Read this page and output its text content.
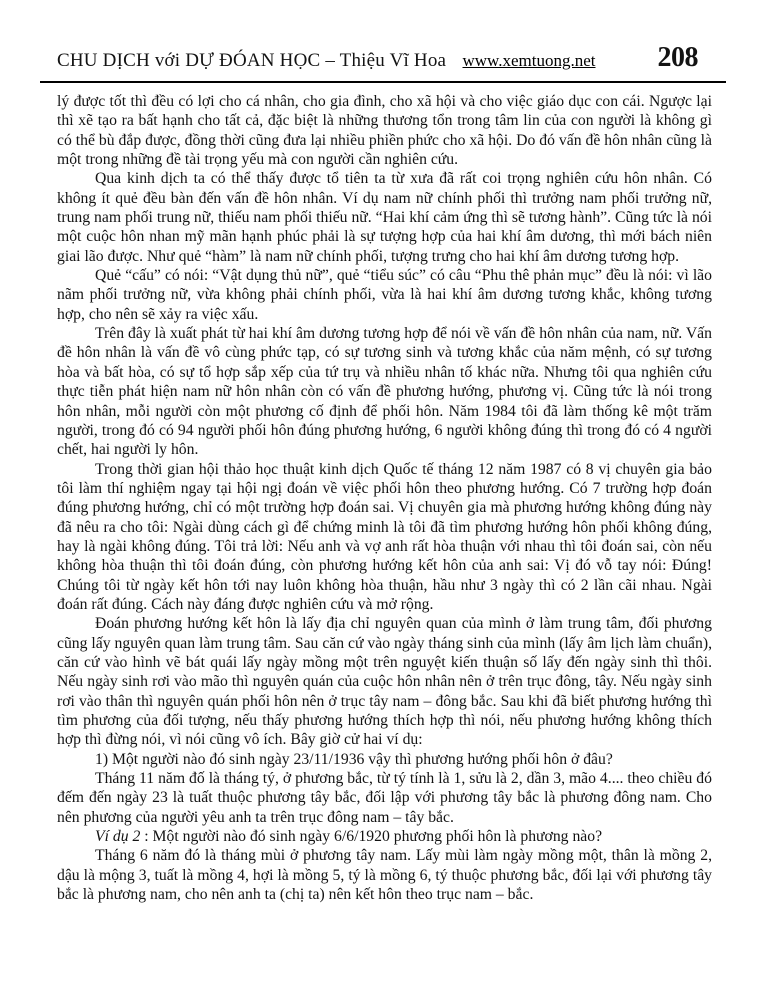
CHU DỊCH với DỰ ĐÓAN HỌC – Thiệu Vĩ Hoa www.xemtuong.net 208

lý được tốt thì đều có lợi cho cá nhân, cho gia đình, cho xã hội và cho việc giáo dục con cái. Ngược lại thì xẽ tạo ra bất hạnh cho tất cả, đặc biệt là những thương tổn trong tâm lin của con người là không gì có thể bù đắp được, đồng thời cũng đưa lại nhiều phiền phức cho xã hội. Do đó vấn đề hôn nhân cũng là một trong những đề tài trọng yếu mà con người cần nghiên cứu.

Qua kinh dịch ta có thể thấy được tổ tiên ta từ xưa đã rất coi trọng nghiên cứu hôn nhân. Có không ít quẻ đều bàn đến vấn đề hôn nhân. Ví dụ nam nữ chính phối thì trưởng nam phối trưởng nữ, trung nam phối trung nữ, thiếu nam phối thiếu nữ. “Hai khí cảm ứng thì sẽ tương hành”. Cũng tức là nói một cuộc hôn nhan mỹ mãn hạnh phúc phải là sự tượng hợp của hai khí âm dương, thì mới bách niên giai lão được. Như quẻ “hàm” là nam nữ chính phối, tượng trưng cho hai khí âm dương tương hợp.

Quẻ “cấu” có nói: “Vật dụng thủ nữ”, quẻ “tiểu súc” có câu “Phu thê phản mục” đều là nói: vì lão nãm phối trưởng nữ, vừa không phải chính phối, vừa là hai khí âm dương tương khắc, không tương hợp, cho nên sẽ xảy ra việc xấu.

Trên đây là xuất phát từ hai khí âm dương tương hợp để nói về vấn đề hôn nhân của nam, nữ. Vấn đề hôn nhân là vấn đề vô cùng phức tạp, có sự tương sinh và tương khắc của năm mệnh, có sự tương hòa và bất hòa, có sự tổ hợp sắp xếp của tứ trụ và nhiều nhân tố khác nữa. Nhưng tôi qua nghiên cứu thực tiễn phát hiện nam nữ hôn nhân còn có vấn đề phương hướng, phương vị. Cũng tức là nói trong hôn nhân, mỗi người còn một phương cố định để phối hôn. Năm 1984 tôi đã làm thống kê một trăm người, trong đó có 94 người phối hôn đúng phương hướng, 6 người không đúng thì trong đó có 4 người chết, hai người ly hôn.

Trong thời gian hội thảo học thuật kinh dịch Quốc tế tháng 12 năm 1987 có 8 vị chuyên gia bảo tôi làm thí nghiệm ngay tại hội ngị đoán về việc phối hôn theo phương hướng. Có 7 trường hợp đoán đúng phương hướng, chỉ có một trường hợp đoán sai. Vị chuyên gia mà phương hướng không đúng này đã nêu ra cho tôi: Ngài dùng cách gì để chứng minh là tôi đã tìm phương hướng hôn phối không đúng, hay là ngài không đúng. Tôi trả lời: Nếu anh và vợ anh rất hòa thuận với nhau thì tôi đoán sai, còn nếu không hòa thuận thì tôi đoán đúng, còn phương hướng kết hôn của anh sai: Vị đó vỗ tay nói: Đúng! Chúng tôi từ ngày kết hôn tới nay luôn không hòa thuận, hầu như 3 ngày thì có 2 lần cãi nhau. Ngài đoán rất đúng. Cách này đáng được nghiên cứu và mở rộng.

Đoán phương hướng kết hôn là lấy địa chỉ nguyên quan của mình ở làm trung tâm, đối phương cũng lấy nguyên quan làm trung tâm. Sau căn cứ vào ngày tháng sinh của mình (lấy âm lịch làm chuẩn), căn cứ vào hình vẽ bát quái lấy ngày mồng một trên nguyệt kiến thuận số lấy đến ngày sinh thì thôi. Nếu ngày sinh rơi vào mão thì nguyên quán của cuộc hôn nhân nên ở trên trục đông, tây. Nếu ngày sinh rơi vào thân thì nguyên quán phối hôn nên ở trục tây nam – đông bắc. Sau khi đã biết phương hướng thì tìm phương của đối tượng, nếu thấy phương hướng thích hợp thì nói, nếu phương hướng không thích hợp thì đừng nói, vì nói cũng vô ích. Bây giờ cử hai ví dụ:

1) Một người nào đó sinh ngày 23/11/1936 vậy thì phương hướng phối hôn ở đâu?

Tháng 11 năm đố là tháng tý, ở phương bắc, từ tý tính là 1, sửu là 2, dần 3, mão 4.... theo chiều đó đếm đến ngày 23 là tuất thuộc phương tây bắc, đối lập với phương tây bắc là phương đông nam. Cho nên phương của người yêu anh ta trên trục đông nam – tây bắc.

Ví dụ 2 : Một người nào đó sinh ngày 6/6/1920 phương phối hôn là phương nào?

Tháng 6 năm đó là tháng mùi ở phương tây nam. Lấy mùi làm ngày mồng một, thân là mồng 2, dậu là mộng 3, tuất là mồng 4, hợi là mồng 5, tý là mồng 6, tý thuộc phương bắc, đối lại với phương tây bắc là phương nam, cho nên anh ta (chị ta) nên kết hôn theo trục nam – bắc.
